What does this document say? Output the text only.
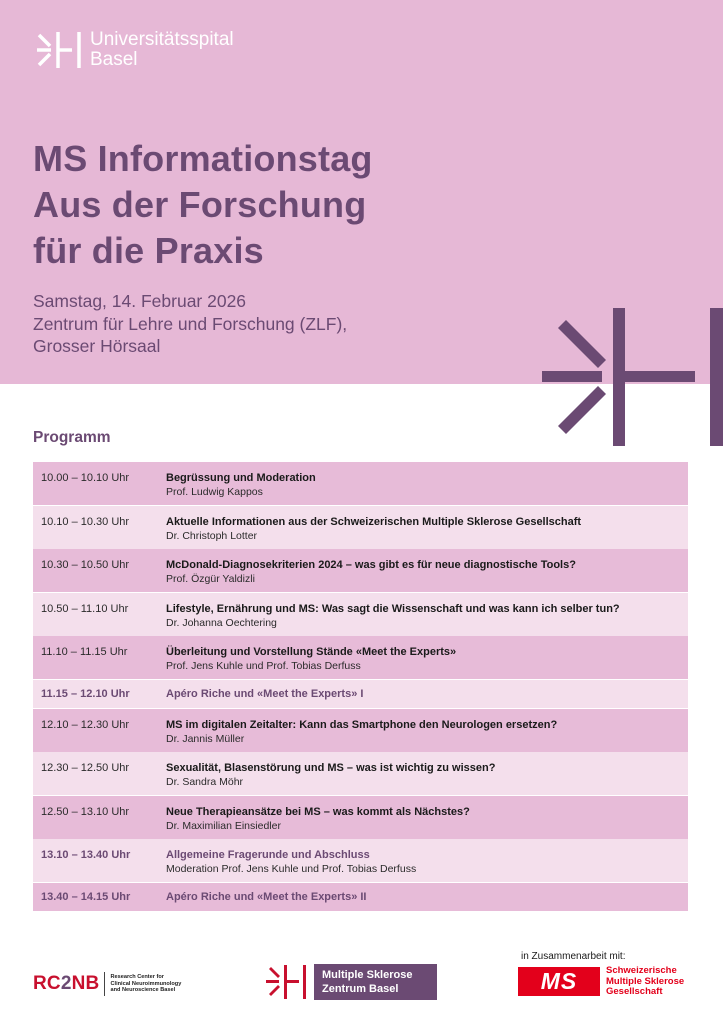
Universitätsspital
Basel
MS Informationstag
Aus der Forschung
für die Praxis
Samstag, 14. Februar 2026
Zentrum für Lehre und Forschung (ZLF),
Grosser Hörsaal
Programm
10.00 – 10.10 Uhr	Begrüssung und Moderation
Prof. Ludwig Kappos
10.10 – 10.30 Uhr	Aktuelle Informationen aus der Schweizerischen Multiple Sklerose Gesellschaft
Dr. Christoph Lotter
10.30 – 10.50 Uhr	McDonald-Diagnosekriterien 2024 – was gibt es für neue diagnostische Tools?
Prof. Özgür Yaldizli
10.50 – 11.10 Uhr	Lifestyle, Ernährung und MS: Was sagt die Wissenschaft und was kann ich selber tun?
Dr. Johanna Oechtering
11.10 – 11.15 Uhr	Überleitung und Vorstellung Stände «Meet the Experts»
Prof. Jens Kuhle und Prof. Tobias Derfuss
11.15 – 12.10 Uhr	Apéro Riche und «Meet the Experts» I
12.10 – 12.30 Uhr	MS im digitalen Zeitalter: Kann das Smartphone den Neurologen ersetzen?
Dr. Jannis Müller
12.30 – 12.50 Uhr	Sexualität, Blasenstörung und MS – was ist wichtig zu wissen?
Dr. Sandra Möhr
12.50 – 13.10 Uhr	Neue Therapieansätze bei MS – was kommt als Nächstes?
Dr. Maximilian Einsiedler
13.10 – 13.40 Uhr	Allgemeine Fragerunde und Abschluss
Moderation Prof. Jens Kuhle und Prof. Tobias Derfuss
13.40 – 14.15 Uhr	Apéro Riche und «Meet the Experts» II
RC2NB Research Center for
Clinical Neuroimmunology
and Neuroscience Basel
Multiple Sklerose
Zentrum Basel
in Zusammenarbeit mit:
MS	Schweizerische
Multiple Sklerose
Gesellschaft
